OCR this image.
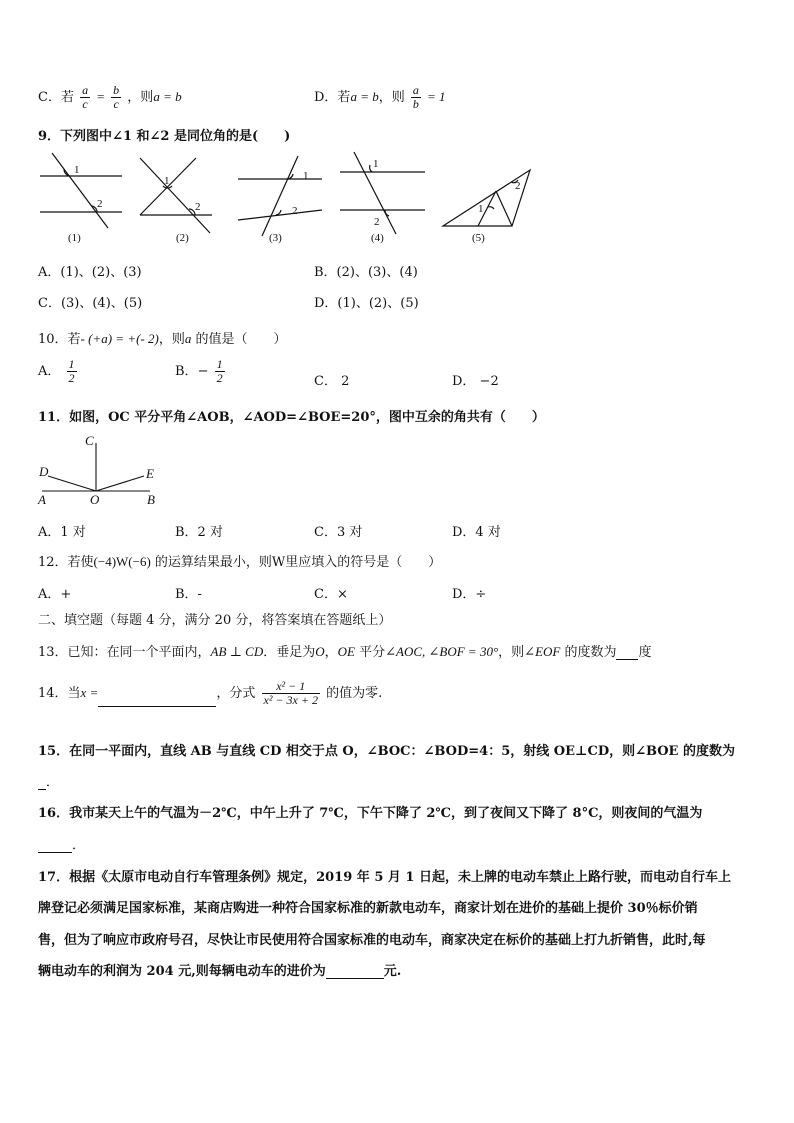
C．若 $\frac{a}{c} = \frac{b}{c}$ ，则a = b	D．若a = b，则 $\frac{a}{b} = 1$
9．下列图中∠1 和∠2 是同位角的是(　　)
1
2
1
2
1
2
1
2
1
2
(1)	(2)	(3)	(4)	(5)
A．(1)、(2)、(3)	B．(2)、(3)、(4)
C．(3)、(4)、(5)	D．(1)、(2)、(5)
10．若- (+a) = +(- 2)，则a 的值是（　　）
A． $\frac{1}{2}$	B．− $\frac{1}{2}$	C． 2	D． −2
11．如图，OC 平分平角∠AOB，∠AOD=∠BOE=20°，图中互余的角共有（　　）
C
D	E
A	O	B
A．1 对	B．2 对	C．3 对	D．4 对
12．若使(−4)W(−6) 的运算结果最小，则W里应填入的符号是（　　）
A．+	B．-	C．×	D．÷
二、填空题（每题 4 分，满分 20 分，将答案填在答题纸上）
13．已知：在同一个平面内，AB ⊥ CD．垂足为O，OE 平分∠AOC, ∠BOF = 30°，则∠EOF 的度数为 度
14．当x =	，分式 $\frac{\text{x² − 1}}{\text{x² − 3x + 2}}$ 的值为零.
15．在同一平面内，直线 AB 与直线 CD 相交于点 O，∠BOC：∠BOD=4：5，射线 OE⊥CD，则∠BOE 的度数为
．
16．我市某天上午的气温为－2℃，中午上升了 7℃，下午下降了 2℃，到了夜间又下降了 8°C，则夜间的气温为
．
17．根据《太原市电动自行车管理条例》规定，2019 年 5 月 1 日起，未上牌的电动车禁止上路行驶，而电动自行车上
牌登记必须满足国家标准，某商店购进一种符合国家标准的新款电动车，商家计划在进价的基础上提价 30％标价销
售，但为了响应市政府号召，尽快让市民使用符合国家标准的电动车，商家决定在标价的基础上打九折销售，此时,每
辆电动车的利润为 204 元,则每辆电动车的进价为	元.
